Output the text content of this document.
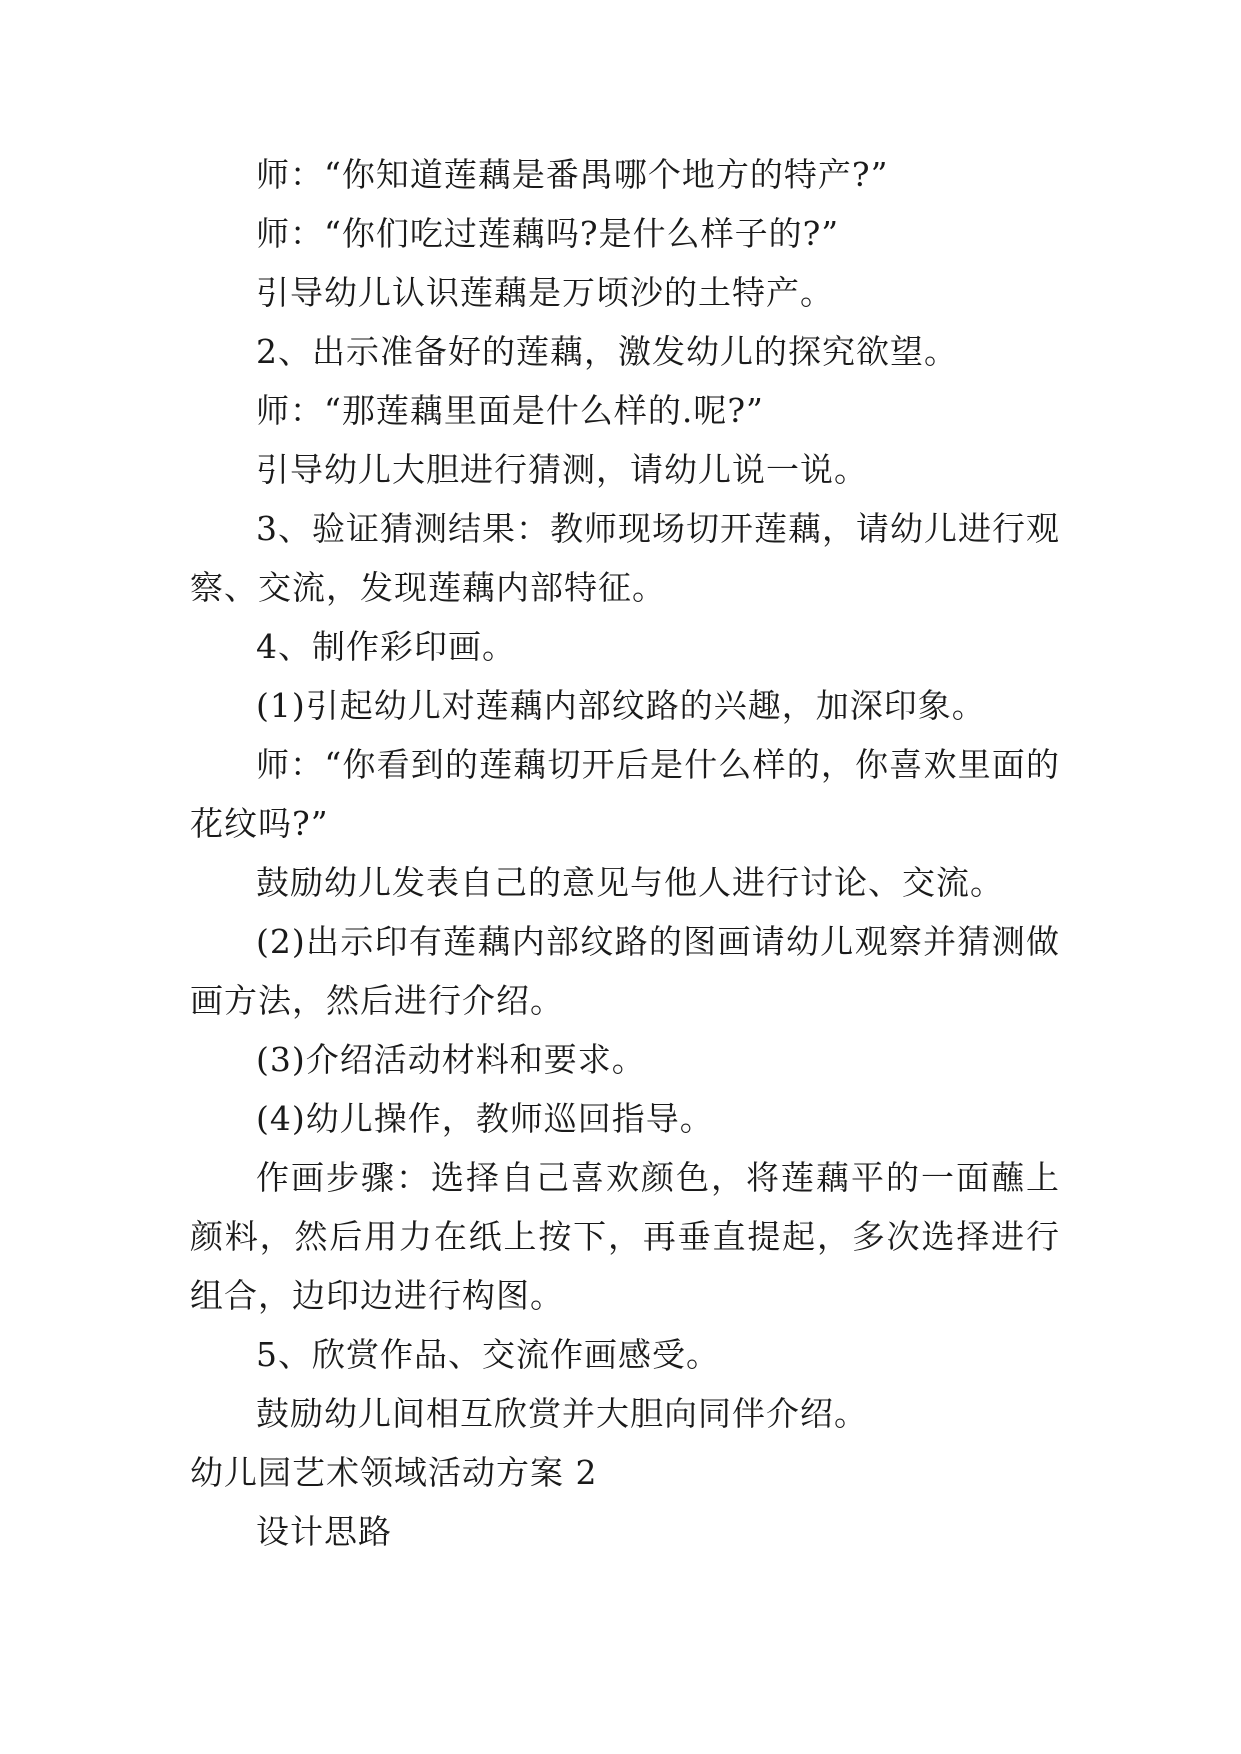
师：“你知道莲藕是番禺哪个地方的特产?”

师：“你们吃过莲藕吗?是什么样子的?”

引导幼儿认识莲藕是万顷沙的土特产。

2、出示准备好的莲藕，激发幼儿的探究欲望。

师：“那莲藕里面是什么样的.呢?”

引导幼儿大胆进行猜测，请幼儿说一说。

3、验证猜测结果：教师现场切开莲藕，请幼儿进行观察、交流，发现莲藕内部特征。

4、制作彩印画。

(1)引起幼儿对莲藕内部纹路的兴趣，加深印象。

师：“你看到的莲藕切开后是什么样的，你喜欢里面的花纹吗?”

鼓励幼儿发表自己的意见与他人进行讨论、交流。

(2)出示印有莲藕内部纹路的图画请幼儿观察并猜测做画方法，然后进行介绍。

(3)介绍活动材料和要求。

(4)幼儿操作，教师巡回指导。

作画步骤：选择自己喜欢颜色，将莲藕平的一面蘸上颜料，然后用力在纸上按下，再垂直提起，多次选择进行组合，边印边进行构图。

5、欣赏作品、交流作画感受。

鼓励幼儿间相互欣赏并大胆向同伴介绍。

幼儿园艺术领域活动方案 2

设计思路
